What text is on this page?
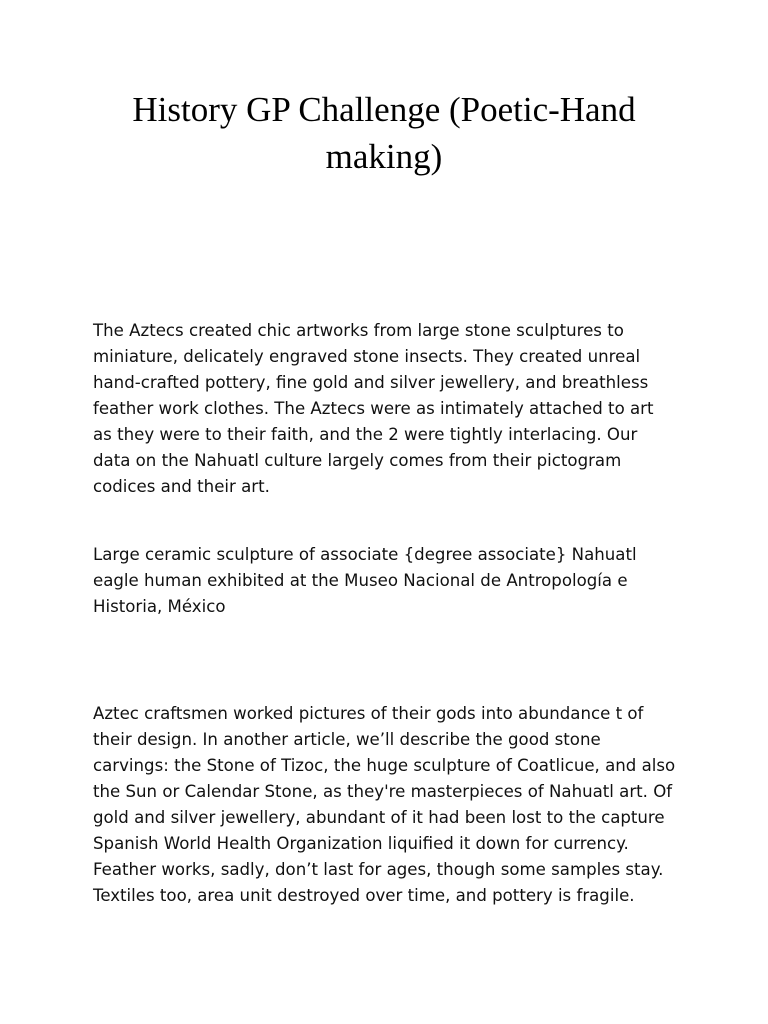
History GP Challenge (Poetic-Hand
making)
The Aztecs created chic artworks from large stone sculptures to
miniature, delicately engraved stone insects. They created unreal
hand-crafted pottery, fine gold and silver jewellery, and breathless
feather work clothes. The Aztecs were as intimately attached to art
as they were to their faith, and the 2 were tightly interlacing. Our
data on the Nahuatl culture largely comes from their pictogram
codices and their art.
Large ceramic sculpture of associate {degree associate} Nahuatl
eagle human exhibited at the Museo Nacional de Antropología e
Historia, México
Aztec craftsmen worked pictures of their gods into abundance t of
their design. In another article, we’ll describe the good stone
carvings: the Stone of Tizoc, the huge sculpture of Coatlicue, and also
the Sun or Calendar Stone, as they're masterpieces of Nahuatl art. Of
gold and silver jewellery, abundant of it had been lost to the capture
Spanish World Health Organization liquified it down for currency.
Feather works, sadly, don’t last for ages, though some samples stay.
Textiles too, area unit destroyed over time, and pottery is fragile.
